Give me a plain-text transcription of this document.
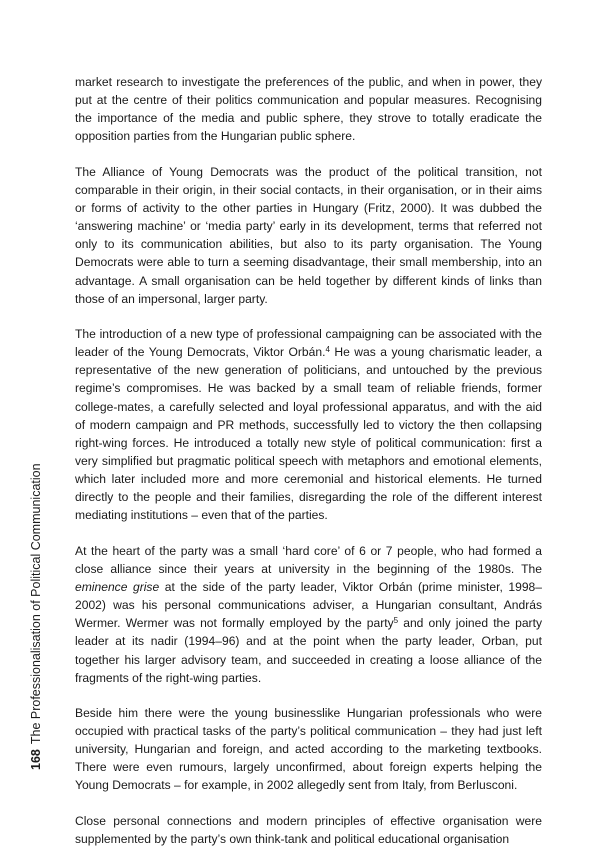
market research to investigate the preferences of the public, and when in power, they put at the centre of their politics communication and popular measures. Recognising the importance of the media and public sphere, they strove to totally eradicate the opposition parties from the Hungarian public sphere.

The Alliance of Young Democrats was the product of the political transition, not comparable in their origin, in their social contacts, in their organisation, or in their aims or forms of activity to the other parties in Hungary (Fritz, 2000). It was dubbed the ‘answering machine’ or ‘media party’ early in its development, terms that referred not only to its communication abilities, but also to its party organisation. The Young Democrats were able to turn a seeming disadvantage, their small membership, into an advantage. A small organisation can be held together by different kinds of links than those of an impersonal, larger party.

The introduction of a new type of professional campaigning can be associated with the leader of the Young Democrats, Viktor Orbán.$^4$ He was a young charismatic leader, a representative of the new generation of politicians, and untouched by the previous regime’s compromises. He was backed by a small team of reliable friends, former college-mates, a carefully selected and loyal professional apparatus, and with the aid of modern campaign and PR methods, successfully led to victory the then collapsing right-wing forces. He introduced a totally new style of political communication: first a very simplified but pragmatic political speech with metaphors and emotional elements, which later included more and more ceremonial and historical elements. He turned directly to the people and their families, disregarding the role of the different interest mediating institutions – even that of the parties.

At the heart of the party was a small ‘hard core’ of 6 or 7 people, who had formed a close alliance since their years at university in the beginning of the 1980s. The eminence grise at the side of the party leader, Viktor Orbán (prime minister, 1998–2002) was his personal communications adviser, a Hungarian consultant, András Wermer. Wermer was not formally employed by the party$^5$ and only joined the party leader at its nadir (1994–96) and at the point when the party leader, Orban, put together his larger advisory team, and succeeded in creating a loose alliance of the fragments of the right-wing parties.

Beside him there were the young businesslike Hungarian professionals who were occupied with practical tasks of the party’s political communication – they had just left university, Hungarian and foreign, and acted according to the marketing textbooks. There were even rumours, largely unconfirmed, about foreign experts helping the Young Democrats – for example, in 2002 allegedly sent from Italy, from Berlusconi.

Close personal connections and modern principles of effective organisation were supplemented by the party’s own think-tank and political educational organisation

168The Professionalisation of Political Communication
